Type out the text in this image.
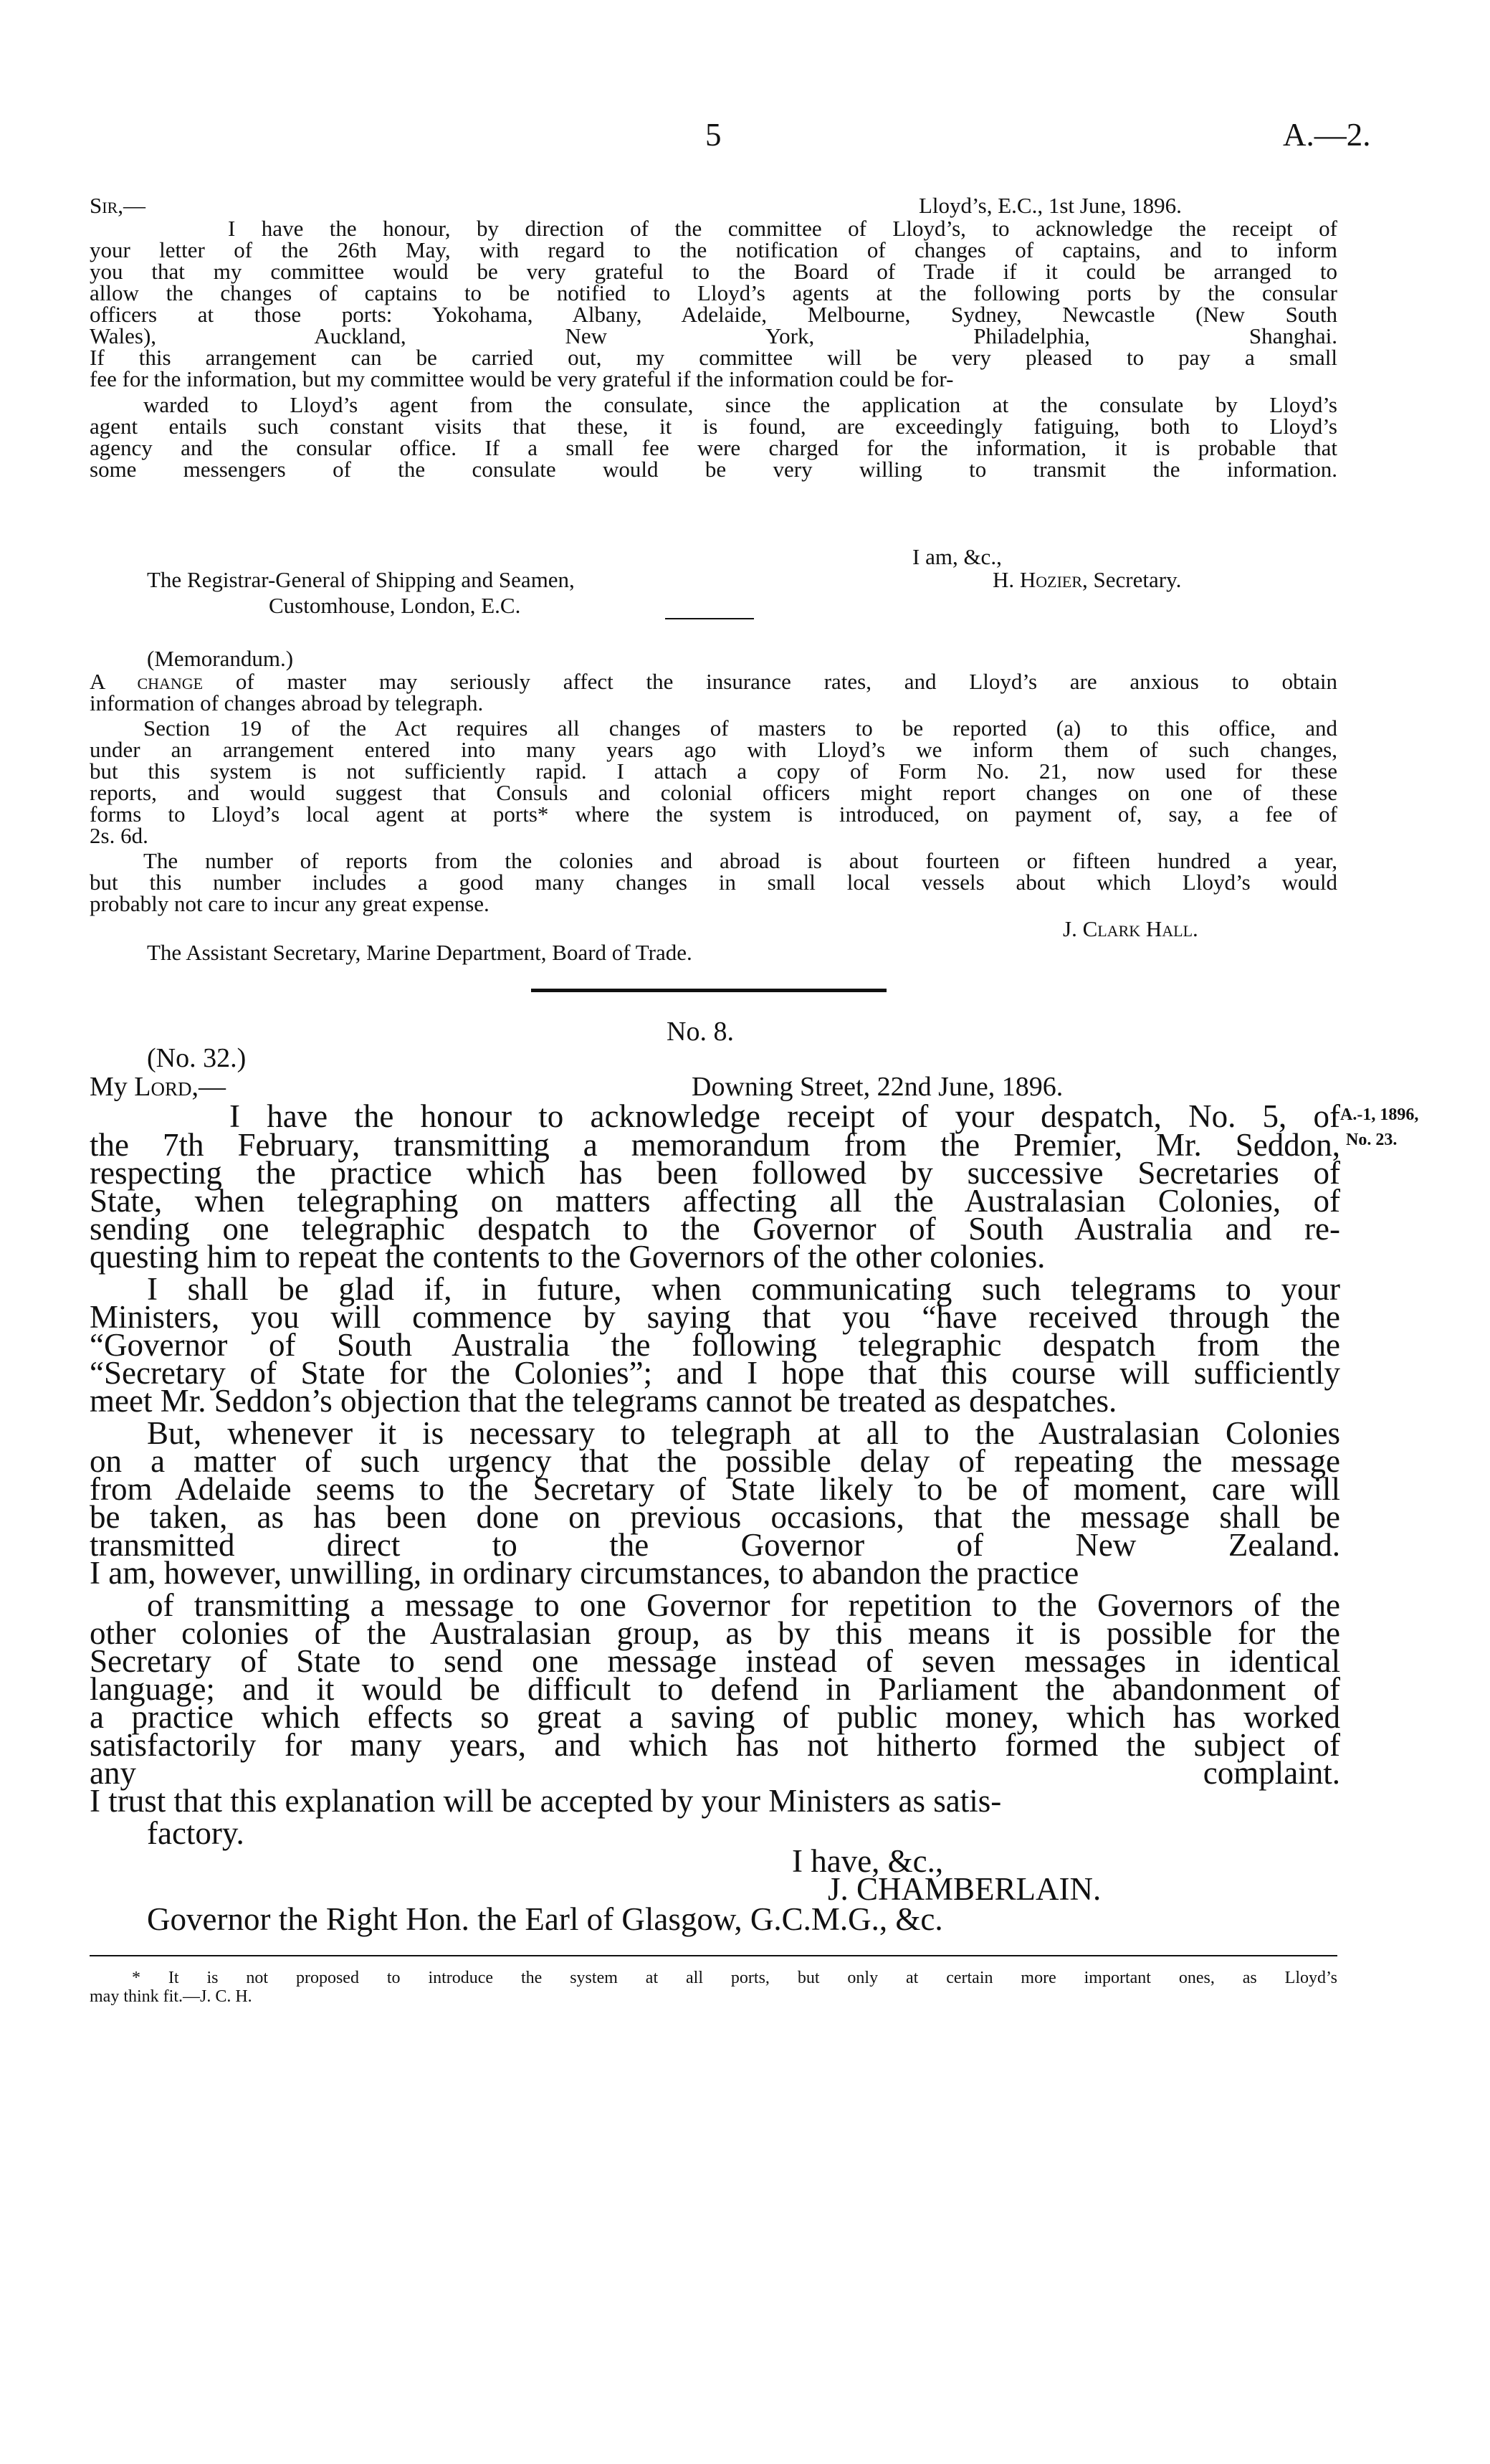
5	A.—2.
Sir,—	Lloyd’s, E.C., 1st June, 1896.
I have the honour, by direction of the committee of Lloyd’s, to acknowledge the receipt of
your letter of the 26th May, with regard to the notification of changes of captains, and to inform
you that my committee would be very grateful to the Board of Trade if it could be arranged to
allow the changes of captains to be notified to Lloyd’s agents at the following ports by the consular
officers at those ports: Yokohama, Albany, Adelaide, Melbourne, Sydney, Newcastle (New South
Wales), Auckland, New York, Philadelphia, Shanghai.
If this arrangement can be carried out, my committee will be very pleased to pay a small
fee for the information, but my committee would be very grateful if the information could be for-
warded to Lloyd’s agent from the consulate, since the application at the consulate by Lloyd’s
agent entails such constant visits that these, it is found, are exceedingly fatiguing, both to Lloyd’s
agency and the consular office. If a small fee were charged for the information, it is probable that
some messengers of the consulate would be very willing to transmit the information.
I am, &c.,
The Registrar-General of Shipping and Seamen,	H. Hozier, Secretary.
Customhouse, London, E.C.
(Memorandum.)
A change of master may seriously affect the insurance rates, and Lloyd’s are anxious to obtain
information of changes abroad by telegraph.
Section 19 of the Act requires all changes of masters to be reported (a) to this office, and
under an arrangement entered into many years ago with Lloyd’s we inform them of such changes,
but this system is not sufficiently rapid. I attach a copy of Form No. 21, now used for these
reports, and would suggest that Consuls and colonial officers might report changes on one of these
forms to Lloyd’s local agent at ports* where the system is introduced, on payment of, say, a fee of
2s. 6d.
The number of reports from the colonies and abroad is about fourteen or fifteen hundred a year,
but this number includes a good many changes in small local vessels about which Lloyd’s would
probably not care to incur any great expense.
J. Clark Hall.
The Assistant Secretary, Marine Department, Board of Trade.
No. 8.
(No. 32.)
My Lord,—	Downing Street, 22nd June, 1896.
I have the honour to acknowledge receipt of your despatch, No. 5, of
the 7th February, transmitting a memorandum from the Premier, Mr. Seddon,
respecting the practice which has been followed by successive Secretaries of
State, when telegraphing on matters affecting all the Australasian Colonies, of
sending one telegraphic despatch to the Governor of South Australia and re-
questing him to repeat the contents to the Governors of the other colonies.
I shall be glad if, in future, when communicating such telegrams to your
Ministers, you will commence by saying that you “have received through the
“Governor of South Australia the following telegraphic despatch from the
“Secretary of State for the Colonies”; and I hope that this course will sufficiently
meet Mr. Seddon’s objection that the telegrams cannot be treated as despatches.
But, whenever it is necessary to telegraph at all to the Australasian Colonies
on a matter of such urgency that the possible delay of repeating the message
from Adelaide seems to the Secretary of State likely to be of moment, care will
be taken, as has been done on previous occasions, that the message shall be
transmitted direct to the Governor of New Zealand.
I am, however, unwilling, in ordinary circumstances, to abandon the practice
of transmitting a message to one Governor for repetition to the Governors of the
other colonies of the Australasian group, as by this means it is possible for the
Secretary of State to send one message instead of seven messages in identical
language; and it would be difficult to defend in Parliament the abandonment of
a practice which effects so great a saving of public money, which has worked
satisfactorily for many years, and which has not hitherto formed the subject of
any complaint.
I trust that this explanation will be accepted by your Ministers as satis-
factory.
I have, &c.,
J. CHAMBERLAIN.
Governor the Right Hon. the Earl of Glasgow, G.C.M.G., &c.
A.-1, 1896,
No. 23.
* It is not proposed to introduce the system at all ports, but only at certain more important ones, as Lloyd’s
may think fit.—J. C. H.
